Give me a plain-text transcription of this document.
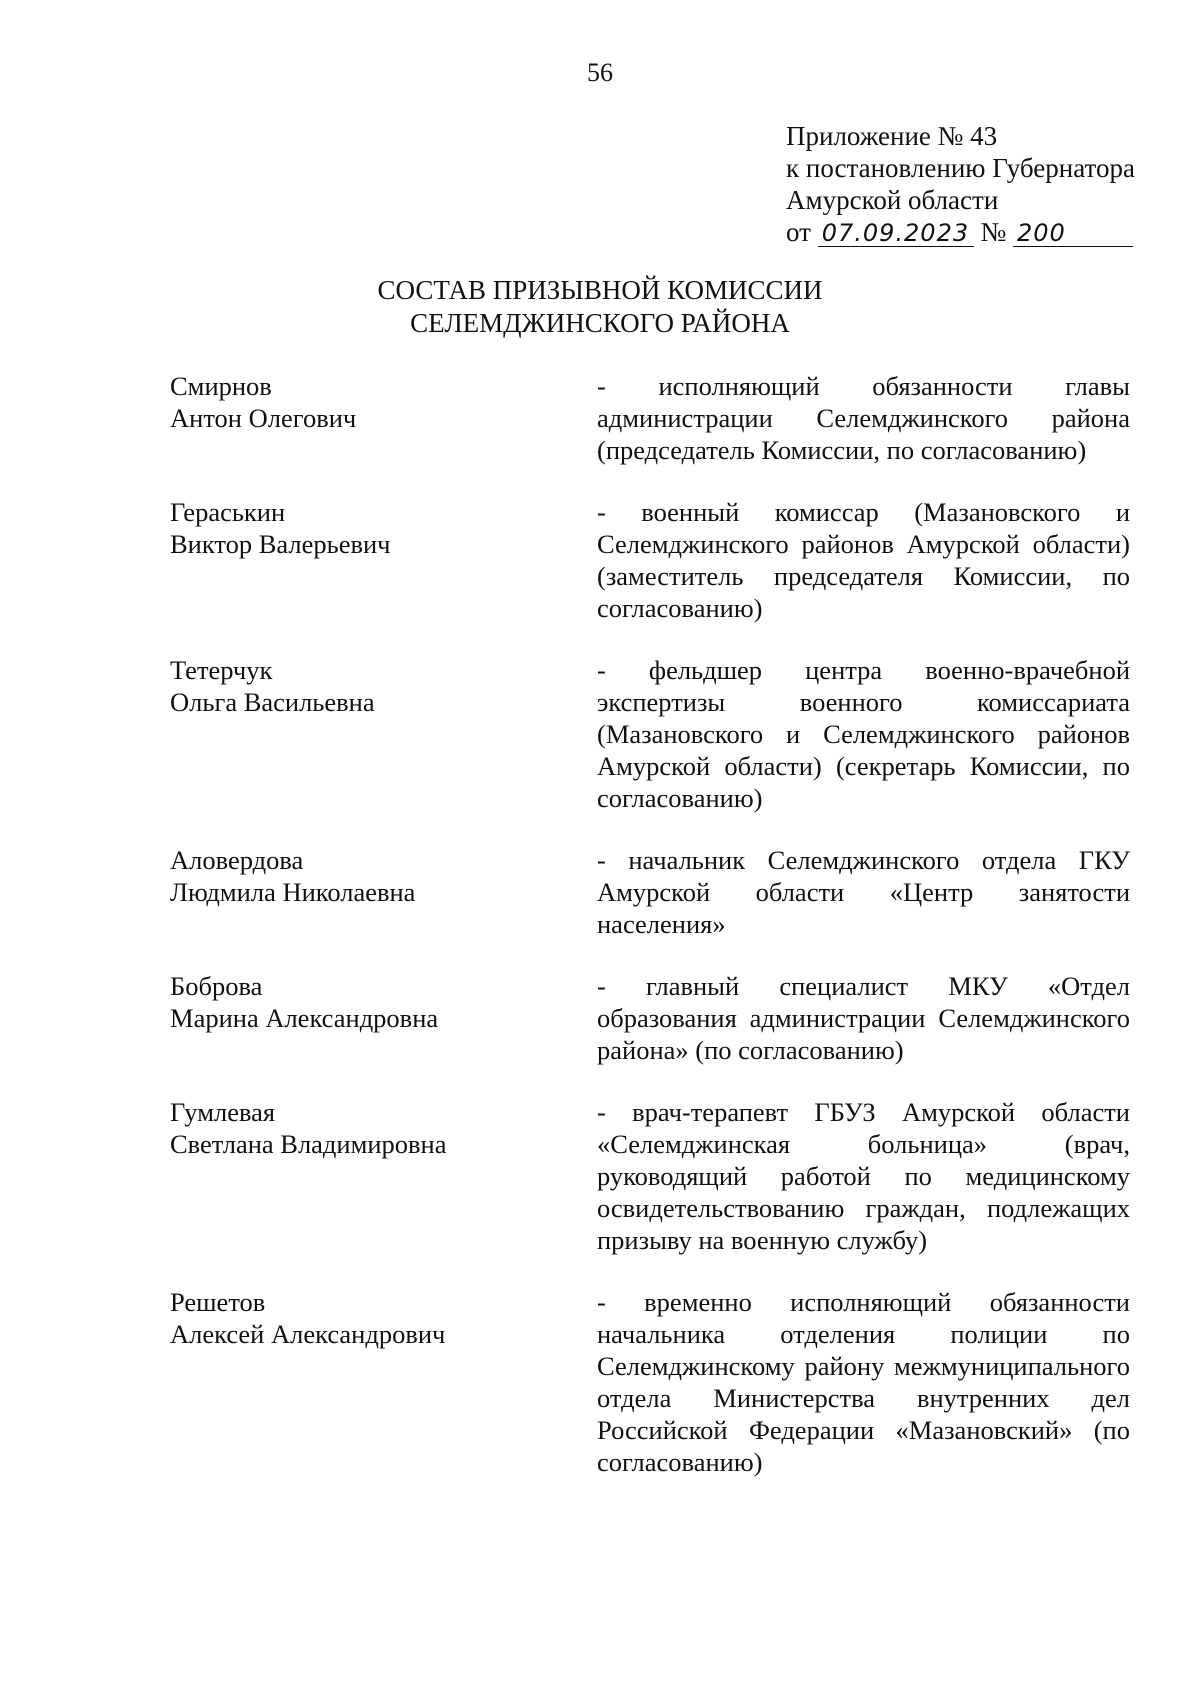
56
Приложение № 43
к постановлению Губернатора
Амурской области
от 07.09.2023 № 200
СОСТАВ ПРИЗЫВНОЙ КОМИССИИ
СЕЛЕМДЖИНСКОГО РАЙОНА
Смирнов
Антон Олегович
- исполняющий обязанности главы администрации Селемджинского района (председатель Комиссии, по согласованию)
Гераськин
Виктор Валерьевич
- военный комиссар (Мазановского и Селемджинского районов Амурской области) (заместитель председателя Комиссии, по согласованию)
Тетерчук
Ольга Васильевна
- фельдшер центра военно-врачебной экспертизы военного комиссариата (Мазановского и Селемджинского районов Амурской области) (секретарь Комиссии, по согласованию)
Аловердова
Людмила Николаевна
- начальник Селемджинского отдела ГКУ Амурской области «Центр занятости населения»
Боброва
Марина Александровна
- главный специалист МКУ «Отдел образования администрации Селемджинского района» (по согласованию)
Гумлевая
Светлана Владимировна
- врач-терапевт ГБУЗ Амурской области «Селемджинская больница» (врач, руководящий работой по медицинскому освидетельствованию граждан, подлежащих призыву на военную службу)
Решетов
Алексей Александрович
- временно исполняющий обязанности начальника отделения полиции по Селемджинскому району межмуниципального отдела Министерства внутренних дел Российской Федерации «Мазановский» (по согласованию)
